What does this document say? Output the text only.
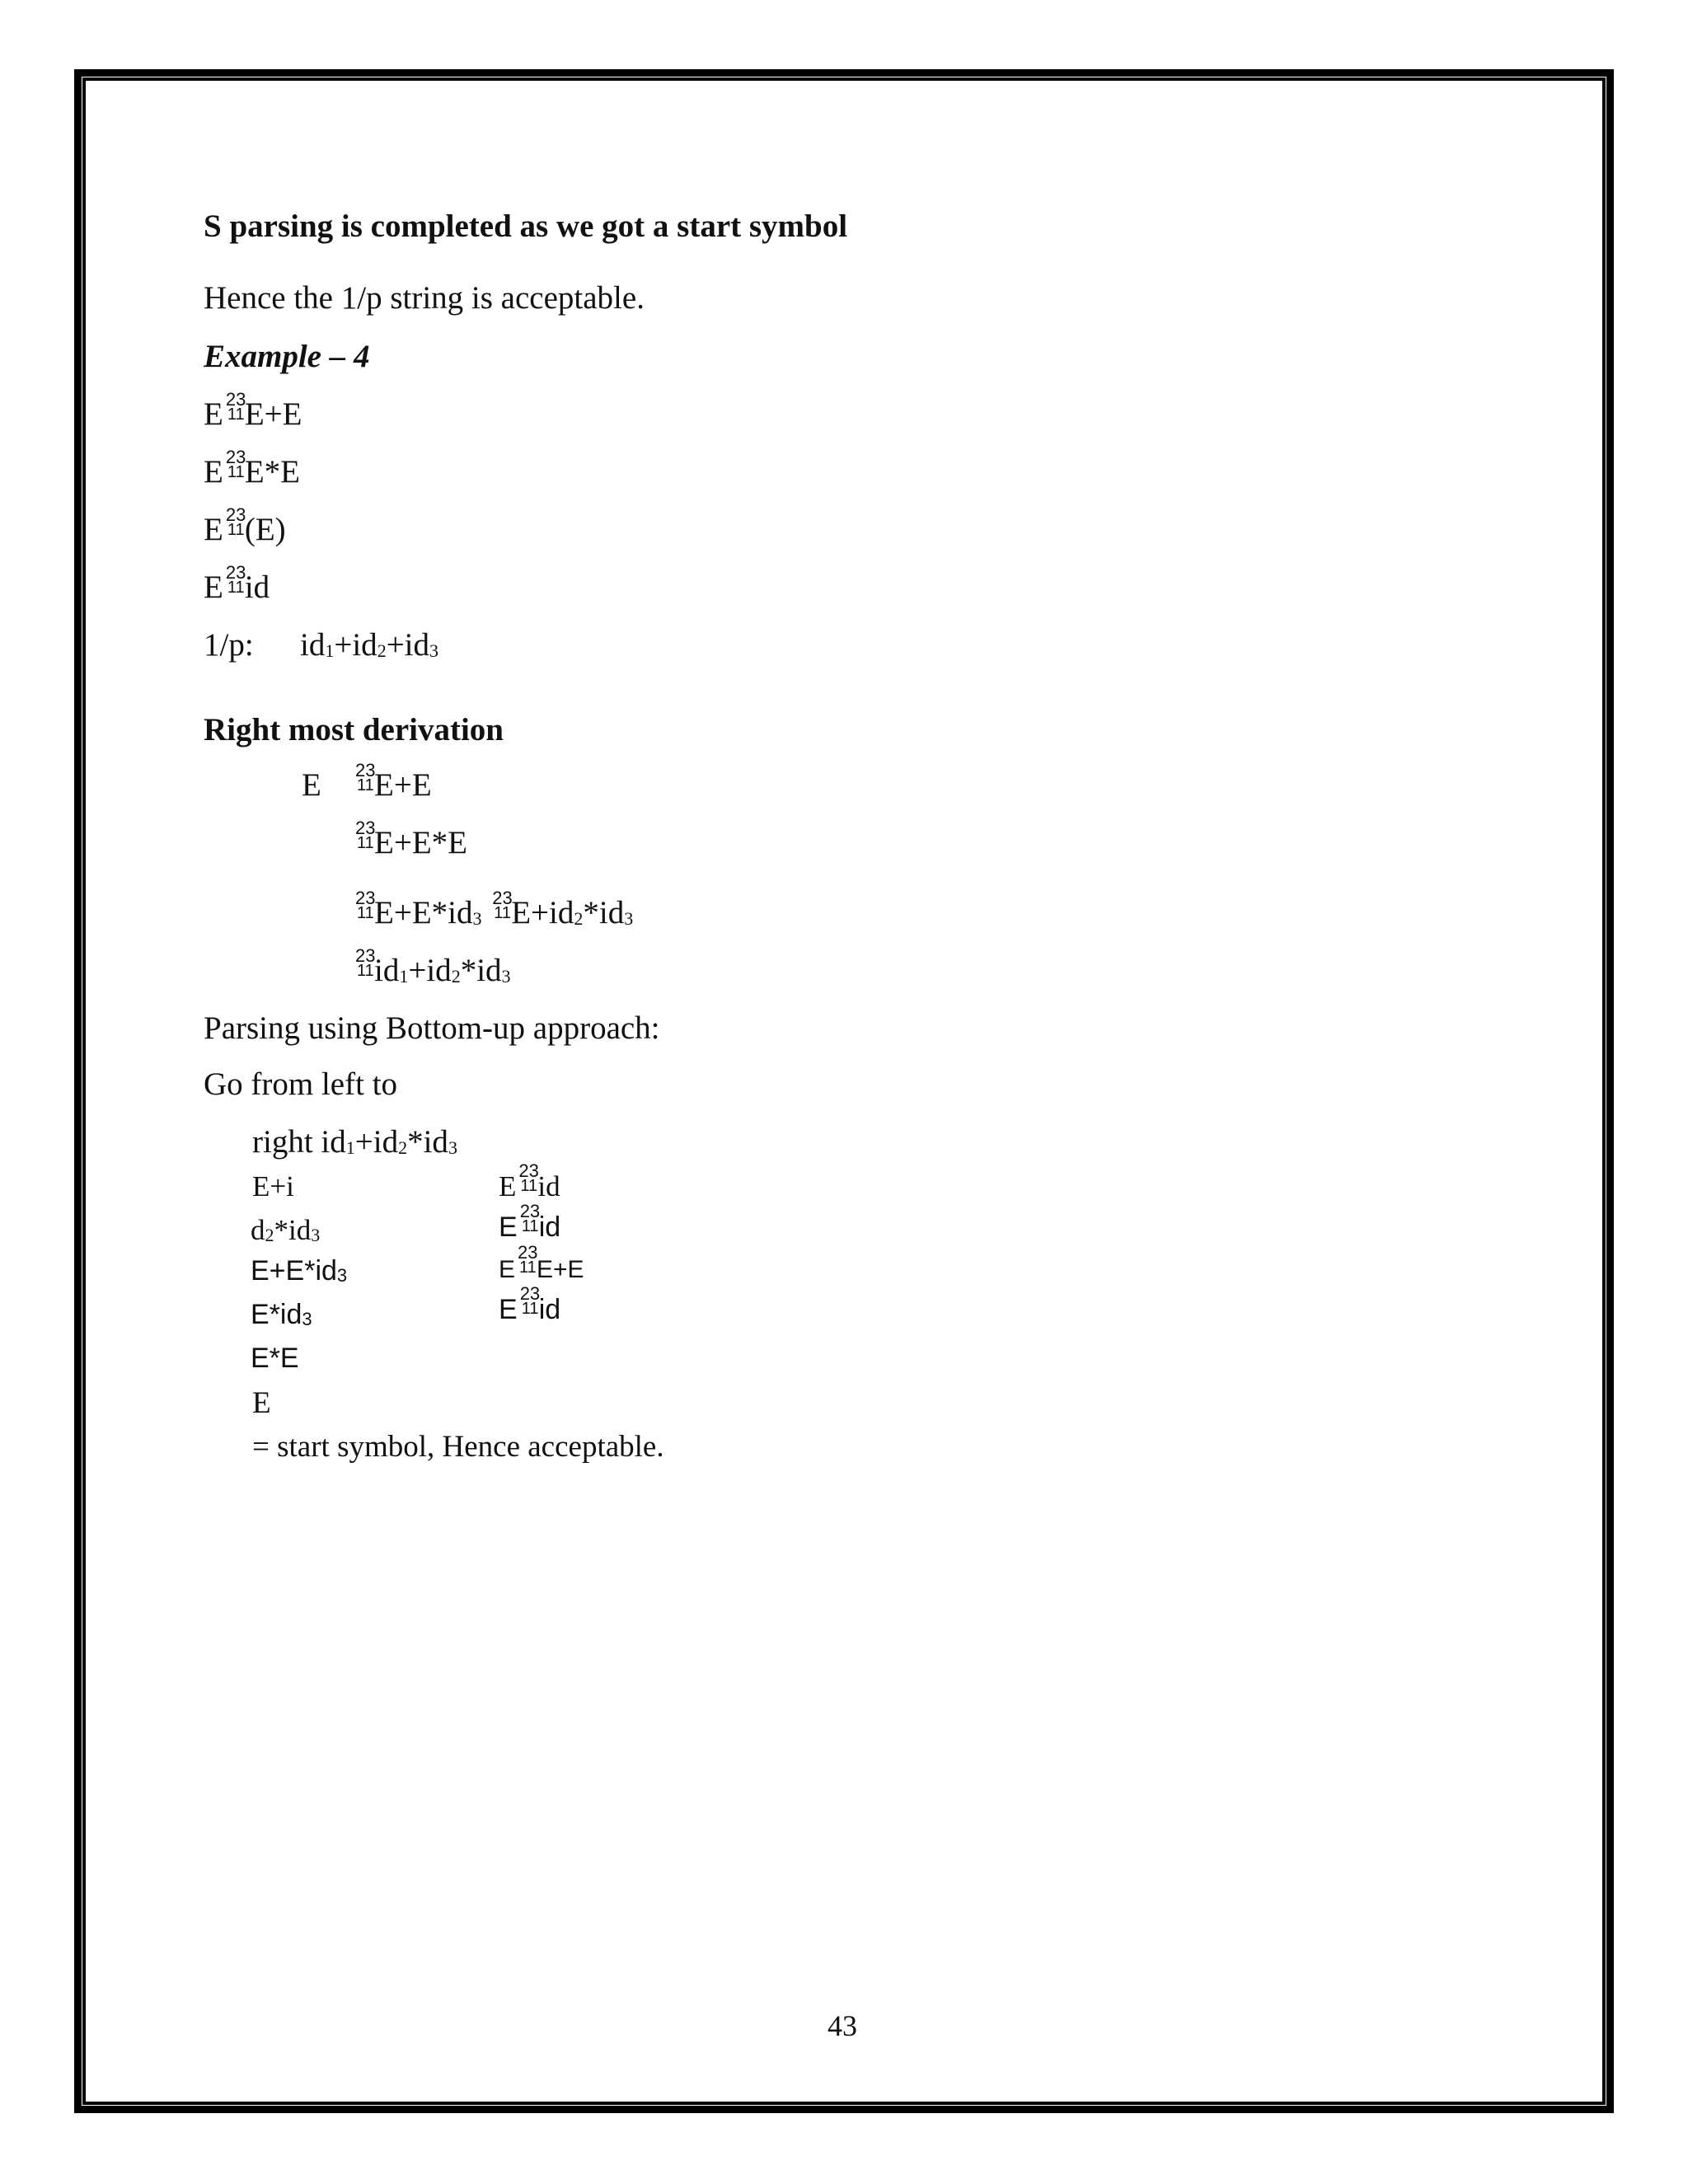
S parsing is completed as we got a start symbol
Hence the 1/p string is acceptable.
Example – 4
E 23
11 E+E
E 23
11 E*E
E 23
11 (E)
E 23
11 id
1/p: $id_1+id_2+id_3$
Right most derivation
E 23
11 E+E
23
11 E+E*E
23
11 $E+E*id_3$
23
11 $E+id_2*id_3$
23
11 $id_1+id_2*id_3$
Parsing using Bottom-up approach:
Go from left to
right $id_1+id_2*id_3$
E+i
$d_2*id_3$
$E+E*id_3$
$E*id_3$
E*E
E
= start symbol, Hence acceptable.
E 23
11 id
E
23
11 id
E
23
11 E+E
E
23
11 id
43
